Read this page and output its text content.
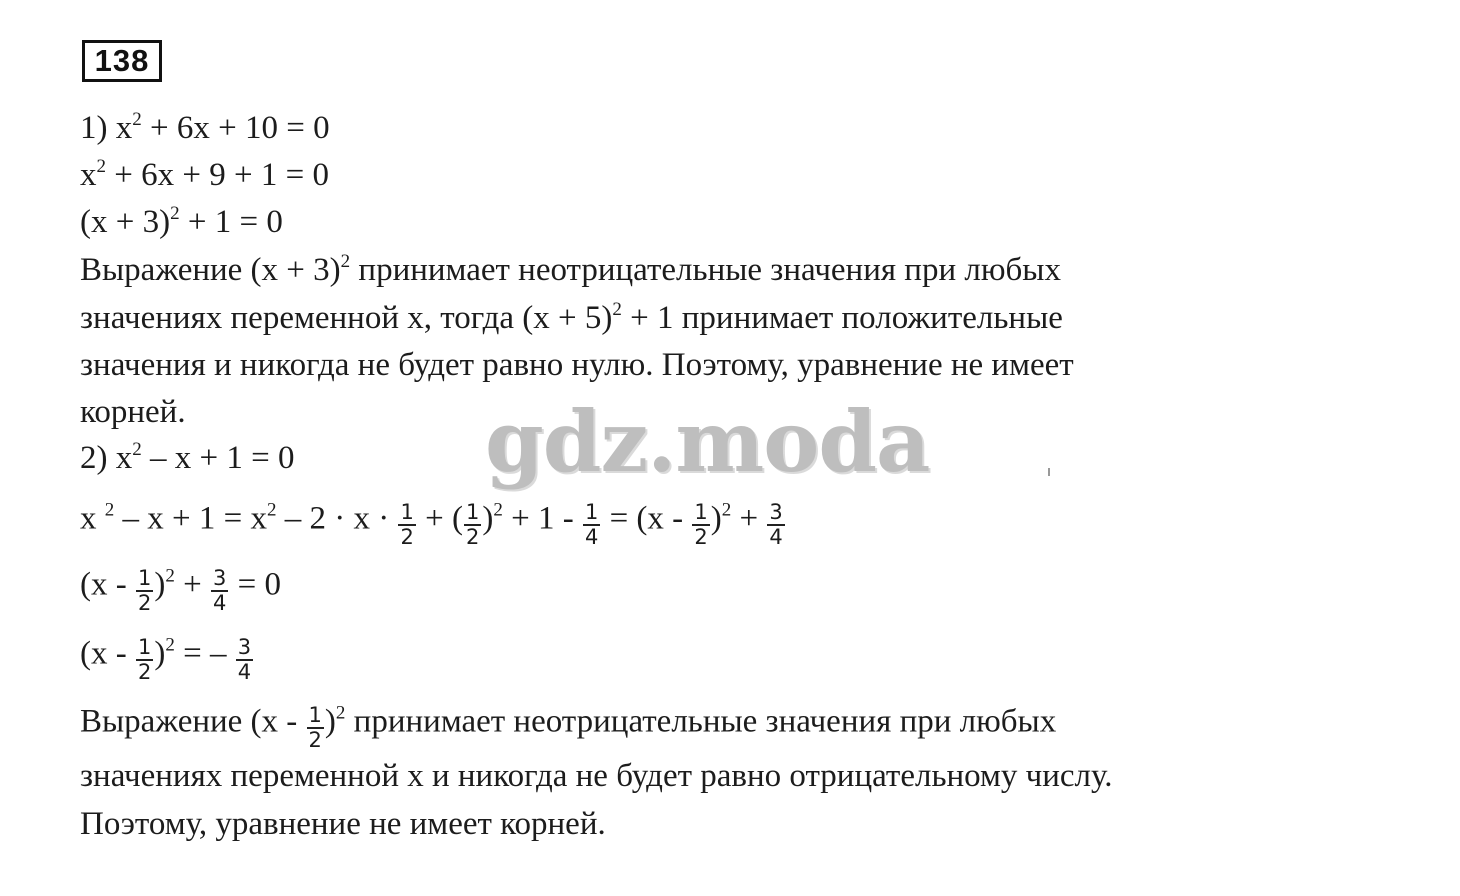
138
1) $x^2 + 6x + 10 = 0$
$x^2 + 6x + 9 + 1 = 0$
$(x + 3)^2 + 1 = 0$
Выражение $(x + 3)^2$ принимает неотрицательные значения при любых
значениях переменной x, тогда $(x + 5)^2 + 1$ принимает положительные
значения и никогда не будет равно нулю. Поэтому, уравнение не имеет
корней.
2) $x^2 - x + 1 = 0$
x $^2 - x + 1 = x^2 - 2 \cdot x \cdot \frac{1}{2}$ + ( $\frac{1}{2} )^2 + 1 - \frac{1}{4} = (x - \frac{1}{2} )^2 + \frac{3}{4}$
$(x - \frac{1}{2} )^2 + \frac{3}{4} = 0$
$(x - \frac{1}{2} )^2$ = – $\frac{3}{4}$
Выражение $(x - \frac{1}{2} )^2$ принимает неотрицательные значения при любых
значениях переменной x и никогда не будет равно отрицательному числу.
Поэтому, уравнение не имеет корней.
gdz.moda
